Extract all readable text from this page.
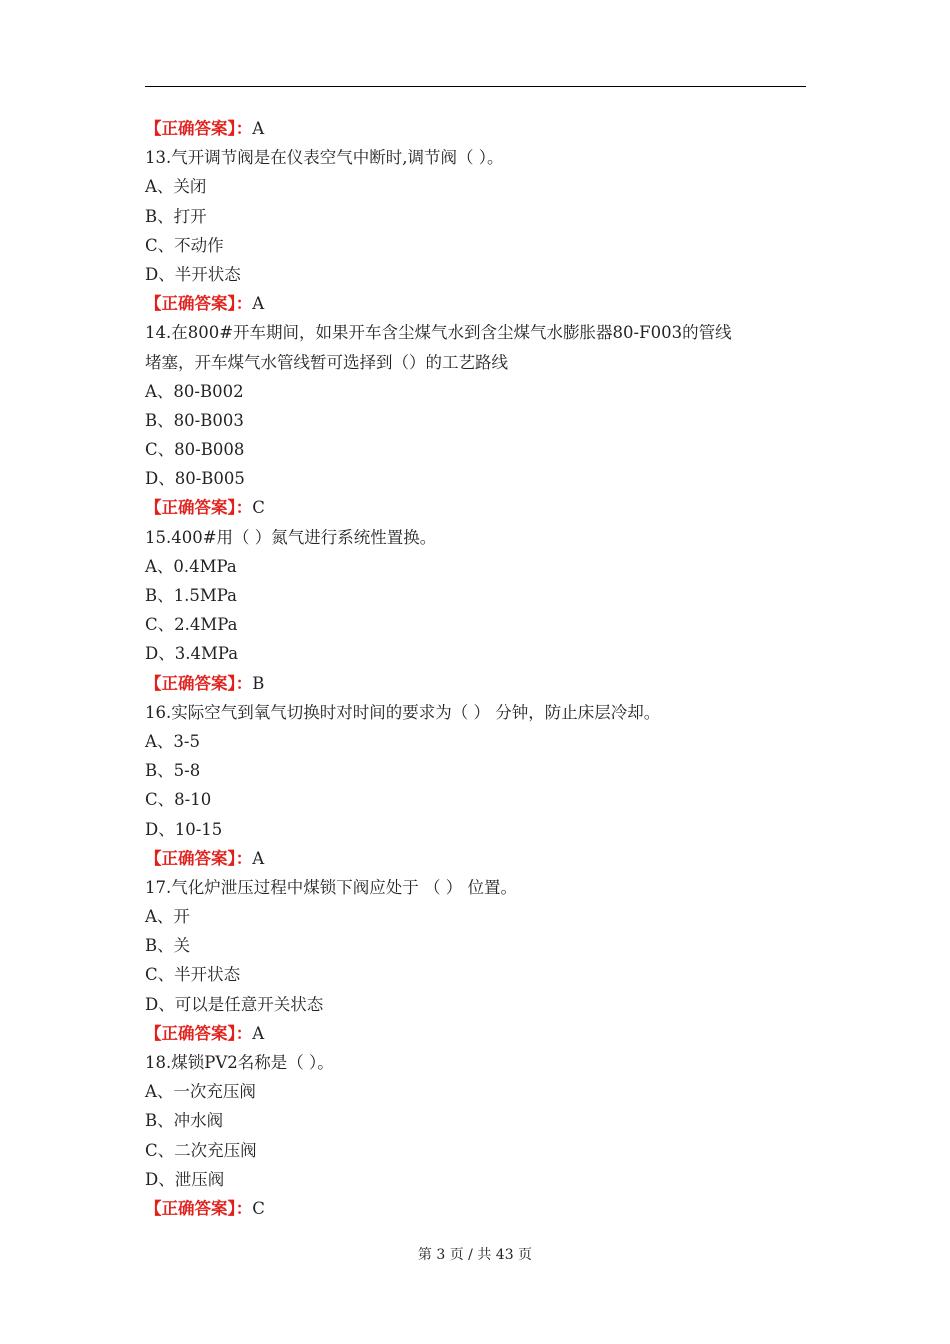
【正确答案】：A
13.气开调节阀是在仪表空气中断时,调节阀（ ）。
A、关闭
B、打开
C、不动作
D、半开状态
【正确答案】：A
14.在800#开车期间，如果开车含尘煤气水到含尘煤气水膨胀器80-F003的管线
堵塞，开车煤气水管线暂可选择到（）的工艺路线
A、80-B002
B、80-B003
C、80-B008
D、80-B005
【正确答案】：C
15.400#用（ ）氮气进行系统性置换。
A、0.4MPa
B、1.5MPa
C、2.4MPa
D、3.4MPa
【正确答案】：B
16.实际空气到氧气切换时对时间的要求为（ ） 分钟，防止床层冷却。
A、3-5
B、5-8
C、8-10
D、10-15
【正确答案】：A
17.气化炉泄压过程中煤锁下阀应处于 （ ） 位置。
A、开
B、关
C、半开状态
D、可以是任意开关状态
【正确答案】：A
18.煤锁PV2名称是（ ）。
A、一次充压阀
B、冲水阀
C、二次充压阀
D、泄压阀
【正确答案】：C
第 3 页 / 共 43 页
